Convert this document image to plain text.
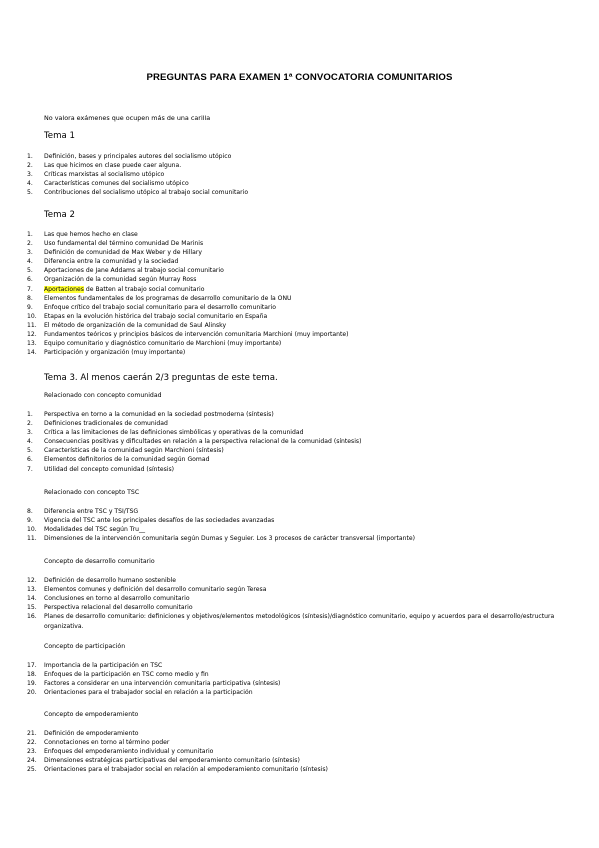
PREGUNTAS PARA EXAMEN 1ª CONVOCATORIA COMUNITARIOS
No valora exámenes que ocupen más de una carilla
Tema 1
1. Definición, bases y principales autores del socialismo utópico
2. Las que hicimos en clase puede caer alguna.
3. Críticas marxistas al socialismo utópico
4. Características comunes del socialismo utópico
5. Contribuciones del socialismo utópico al trabajo social comunitario
Tema 2
1. Las que hemos hecho en clase
2. Uso fundamental del término comunidad De Marinis
3. Definición de comunidad de Max Weber y de Hillary
4. Diferencia entre la comunidad y la sociedad
5. Aportaciones de Jane Addams al trabajo social comunitario
6. Organización de la comunidad según Murray Ross
7. Aportaciones de Batten al trabajo social comunitario
8. Elementos fundamentales de los programas de desarrollo comunitario de la ONU
9. Enfoque crítico del trabajo social comunitario para el desarrollo comunitario
10. Etapas en la evolución histórica del trabajo social comunitario en España
11. El método de organización de la comunidad de Saul Alinsky
12. Fundamentos teóricos y principios básicos de intervención comunitaria Marchioni (muy importante)
13. Equipo comunitario y diagnóstico comunitario de Marchioni (muy importante)
14. Participación y organización (muy importante)
Tema 3. Al menos caerán 2/3 preguntas de este tema.
Relacionado con concepto comunidad
1. Perspectiva en torno a la comunidad en la sociedad postmoderna (síntesis)
2. Definiciones tradicionales de comunidad
3. Crítica a las limitaciones de las definiciones simbólicas y operativas de la comunidad
4. Consecuencias positivas y dificultades en relación a la perspectiva relacional de la comunidad (síntesis)
5. Características de la comunidad según Marchioni (síntesis)
6. Elementos definitorios de la comunidad según Gomad
7. Utilidad del concepto comunidad (síntesis)
Relacionado con concepto TSC
8. Diferencia entre TSC y TSI/TSG
9. Vigencia del TSC ante los principales desafíos de las sociedades avanzadas
10. Modalidades del TSC según Tru__
11. Dimensiones de la intervención comunitaria según Dumas y Seguier. Los 3 procesos de carácter transversal (importante)
Concepto de desarrollo comunitario
12. Definición de desarrollo humano sostenible
13. Elementos comunes y definición del desarrollo comunitario según Teresa
14. Conclusiones en torno al desarrollo comunitario
15. Perspectiva relacional del desarrollo comunitario
16. Planes de desarrollo comunitario: definiciones y objetivos/elementos metodológicos (síntesis)/diagnóstico comunitario, equipo y acuerdos para el desarrollo/estructura organizativa.
Concepto de participación
17. Importancia de la participación en TSC
18. Enfoques de la participación en TSC como medio y fin
19. Factores a considerar en una intervención comunitaria participativa (síntesis)
20. Orientaciones para el trabajador social en relación a la participación
Concepto de empoderamiento
21. Definición de empoderamiento
22. Connotaciones en torno al término poder
23. Enfoques del empoderamiento individual y comunitario
24. Dimensiones estratégicas participativas del empoderamiento comunitario (síntesis)
25. Orientaciones para el trabajador social en relación al empoderamiento comunitario (síntesis)
